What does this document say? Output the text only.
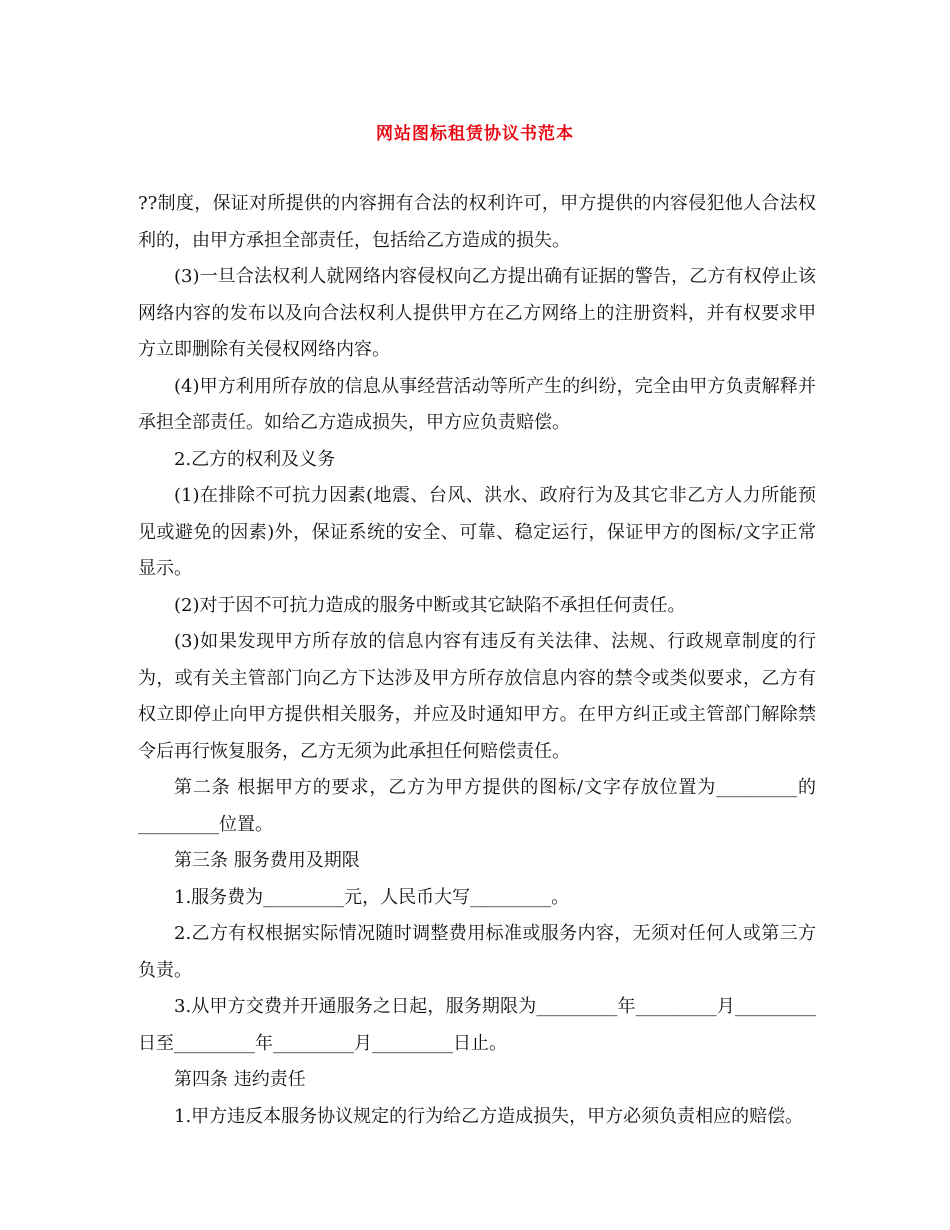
网站图标租赁协议书范本

??制度，保证对所提供的内容拥有合法的权利许可，甲方提供的内容侵犯他人合法权利的，由甲方承担全部责任，包括给乙方造成的损失。

(3)一旦合法权利人就网络内容侵权向乙方提出确有证据的警告，乙方有权停止该网络内容的发布以及向合法权利人提供甲方在乙方网络上的注册资料，并有权要求甲方立即删除有关侵权网络内容。

(4)甲方利用所存放的信息从事经营活动等所产生的纠纷，完全由甲方负责解释并承担全部责任。如给乙方造成损失，甲方应负责赔偿。

2.乙方的权利及义务

(1)在排除不可抗力因素(地震、台风、洪水、政府行为及其它非乙方人力所能预见或避免的因素)外，保证系统的安全、可靠、稳定运行，保证甲方的图标/文字正常显示。

(2)对于因不可抗力造成的服务中断或其它缺陷不承担任何责任。

(3)如果发现甲方所存放的信息内容有违反有关法律、法规、行政规章制度的行为，或有关主管部门向乙方下达涉及甲方所存放信息内容的禁令或类似要求，乙方有权立即停止向甲方提供相关服务，并应及时通知甲方。在甲方纠正或主管部门解除禁令后再行恢复服务，乙方无须为此承担任何赔偿责任。

第二条 根据甲方的要求，乙方为甲方提供的图标/文字存放位置为_________的_________位置。

第三条 服务费用及期限

1.服务费为_________元，人民币大写_________。

2.乙方有权根据实际情况随时调整费用标准或服务内容，无须对任何人或第三方负责。

3.从甲方交费并开通服务之日起，服务期限为_________年_________月_________日至_________年_________月_________日止。

第四条 违约责任

1.甲方违反本服务协议规定的行为给乙方造成损失，甲方必须负责相应的赔偿。
